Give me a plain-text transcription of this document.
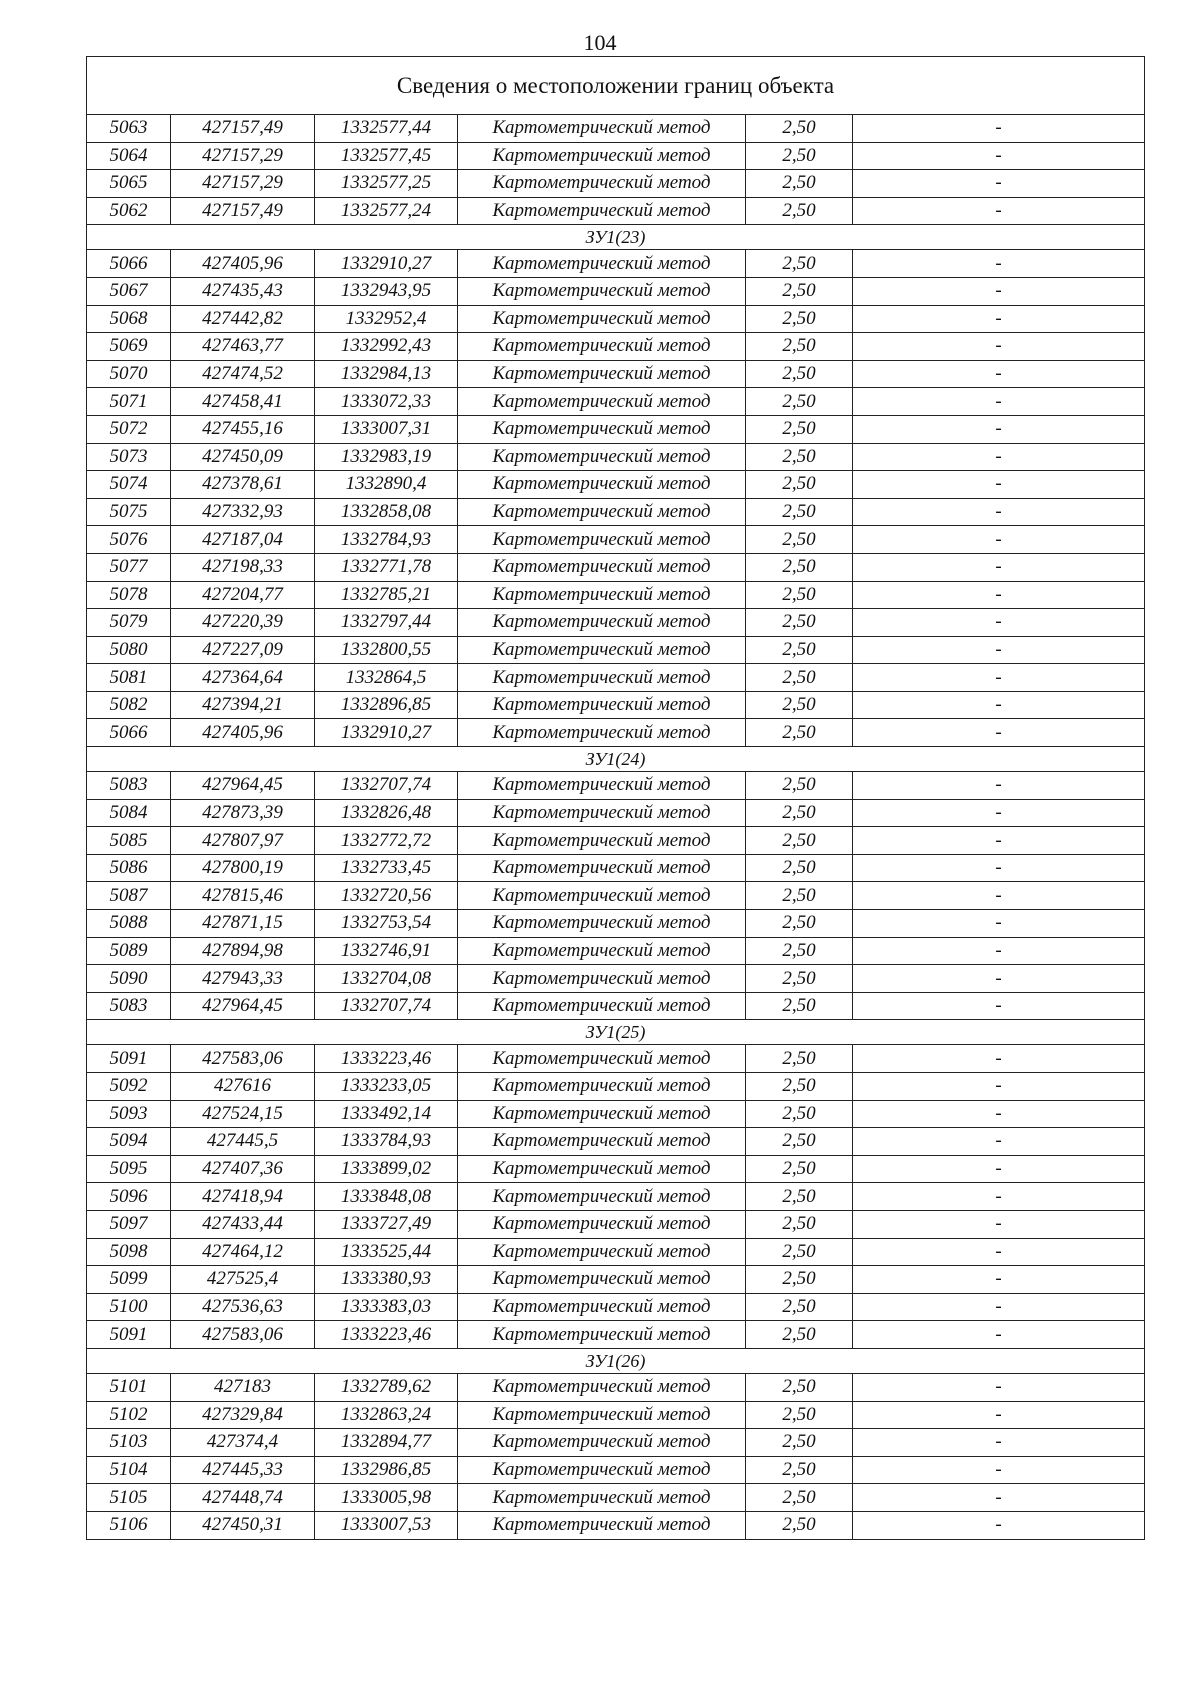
104
Сведения о местоположении границ объекта					
5063	427157,49	1332577,44	Картометрический метод	2,50	-
5064	427157,29	1332577,45	Картометрический метод	2,50	-
5065	427157,29	1332577,25	Картометрический метод	2,50	-
5062	427157,49	1332577,24	Картометрический метод	2,50	-
ЗУ1(23)					
5066	427405,96	1332910,27	Картометрический метод	2,50	-
5067	427435,43	1332943,95	Картометрический метод	2,50	-
5068	427442,82	1332952,4	Картометрический метод	2,50	-
5069	427463,77	1332992,43	Картометрический метод	2,50	-
5070	427474,52	1332984,13	Картометрический метод	2,50	-
5071	427458,41	1333072,33	Картометрический метод	2,50	-
5072	427455,16	1333007,31	Картометрический метод	2,50	-
5073	427450,09	1332983,19	Картометрический метод	2,50	-
5074	427378,61	1332890,4	Картометрический метод	2,50	-
5075	427332,93	1332858,08	Картометрический метод	2,50	-
5076	427187,04	1332784,93	Картометрический метод	2,50	-
5077	427198,33	1332771,78	Картометрический метод	2,50	-
5078	427204,77	1332785,21	Картометрический метод	2,50	-
5079	427220,39	1332797,44	Картометрический метод	2,50	-
5080	427227,09	1332800,55	Картометрический метод	2,50	-
5081	427364,64	1332864,5	Картометрический метод	2,50	-
5082	427394,21	1332896,85	Картометрический метод	2,50	-
5066	427405,96	1332910,27	Картометрический метод	2,50	-
ЗУ1(24)					
5083	427964,45	1332707,74	Картометрический метод	2,50	-
5084	427873,39	1332826,48	Картометрический метод	2,50	-
5085	427807,97	1332772,72	Картометрический метод	2,50	-
5086	427800,19	1332733,45	Картометрический метод	2,50	-
5087	427815,46	1332720,56	Картометрический метод	2,50	-
5088	427871,15	1332753,54	Картометрический метод	2,50	-
5089	427894,98	1332746,91	Картометрический метод	2,50	-
5090	427943,33	1332704,08	Картометрический метод	2,50	-
5083	427964,45	1332707,74	Картометрический метод	2,50	-
ЗУ1(25)					
5091	427583,06	1333223,46	Картометрический метод	2,50	-
5092	427616	1333233,05	Картометрический метод	2,50	-
5093	427524,15	1333492,14	Картометрический метод	2,50	-
5094	427445,5	1333784,93	Картометрический метод	2,50	-
5095	427407,36	1333899,02	Картометрический метод	2,50	-
5096	427418,94	1333848,08	Картометрический метод	2,50	-
5097	427433,44	1333727,49	Картометрический метод	2,50	-
5098	427464,12	1333525,44	Картометрический метод	2,50	-
5099	427525,4	1333380,93	Картометрический метод	2,50	-
5100	427536,63	1333383,03	Картометрический метод	2,50	-
5091	427583,06	1333223,46	Картометрический метод	2,50	-
ЗУ1(26)					
5101	427183	1332789,62	Картометрический метод	2,50	-
5102	427329,84	1332863,24	Картометрический метод	2,50	-
5103	427374,4	1332894,77	Картометрический метод	2,50	-
5104	427445,33	1332986,85	Картометрический метод	2,50	-
5105	427448,74	1333005,98	Картометрический метод	2,50	-
5106	427450,31	1333007,53	Картометрический метод	2,50	-
